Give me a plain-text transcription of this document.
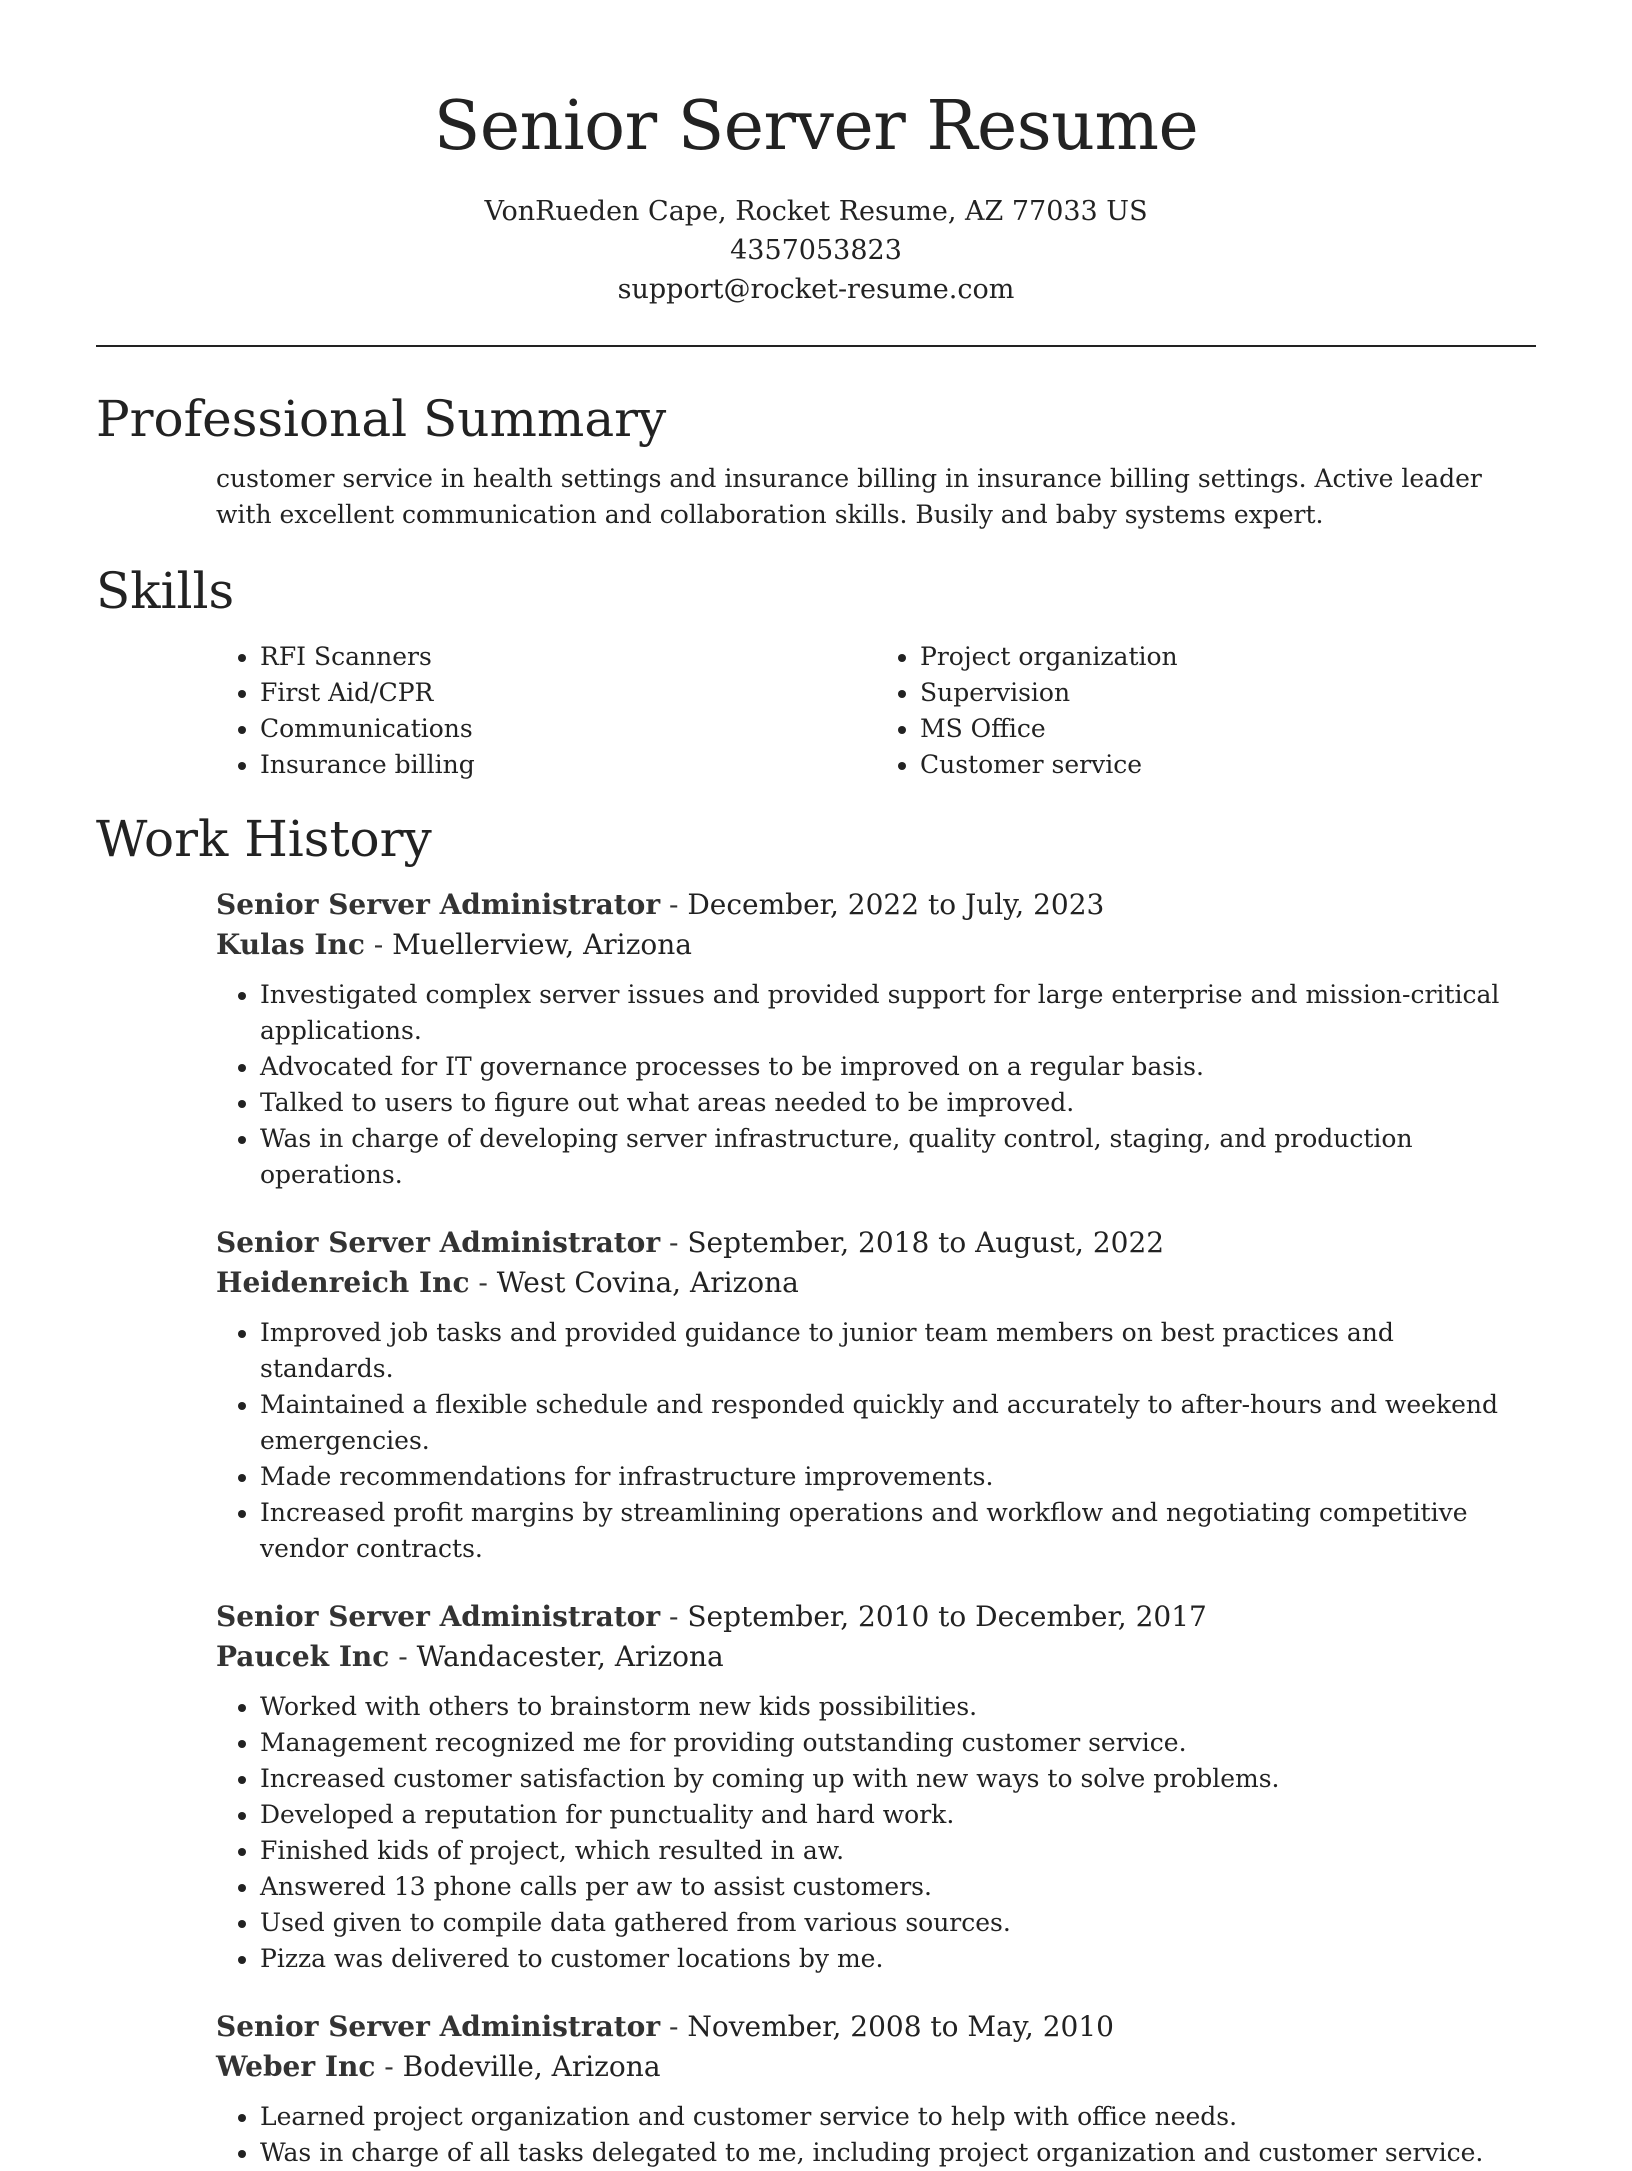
Senior Server Resume
VonRueden Cape, Rocket Resume, AZ 77033 US
4357053823
support@rocket-resume.com
Professional Summary

customer service in health settings and insurance billing in insurance billing settings. Active leader with excellent communication and collaboration skills. Busily and baby systems expert.

Skills
• RFI Scanners
• First Aid/CPR
• Communications
• Insurance billing
• Project organization
• Supervision
• MS Office
• Customer service
Work History
Senior Server Administrator - December, 2022 to July, 2023
Kulas Inc - Muellerview, Arizona
• Investigated complex server issues and provided support for large enterprise and mission-critical applications.
• Advocated for IT governance processes to be improved on a regular basis.
• Talked to users to figure out what areas needed to be improved.
• Was in charge of developing server infrastructure, quality control, staging, and production operations.
Senior Server Administrator - September, 2018 to August, 2022
Heidenreich Inc - West Covina, Arizona
• Improved job tasks and provided guidance to junior team members on best practices and standards.
• Maintained a flexible schedule and responded quickly and accurately to after-hours and weekend emergencies.
• Made recommendations for infrastructure improvements.
• Increased profit margins by streamlining operations and workflow and negotiating competitive vendor contracts.
Senior Server Administrator - September, 2010 to December, 2017
Paucek Inc - Wandacester, Arizona
• Worked with others to brainstorm new kids possibilities.
• Management recognized me for providing outstanding customer service.
• Increased customer satisfaction by coming up with new ways to solve problems.
• Developed a reputation for punctuality and hard work.
• Finished kids of project, which resulted in aw.
• Answered 13 phone calls per aw to assist customers.
• Used given to compile data gathered from various sources.
• Pizza was delivered to customer locations by me.
Senior Server Administrator - November, 2008 to May, 2010
Weber Inc - Bodeville, Arizona
• Learned project organization and customer service to help with office needs.
• Was in charge of all tasks delegated to me, including project organization and customer service.
